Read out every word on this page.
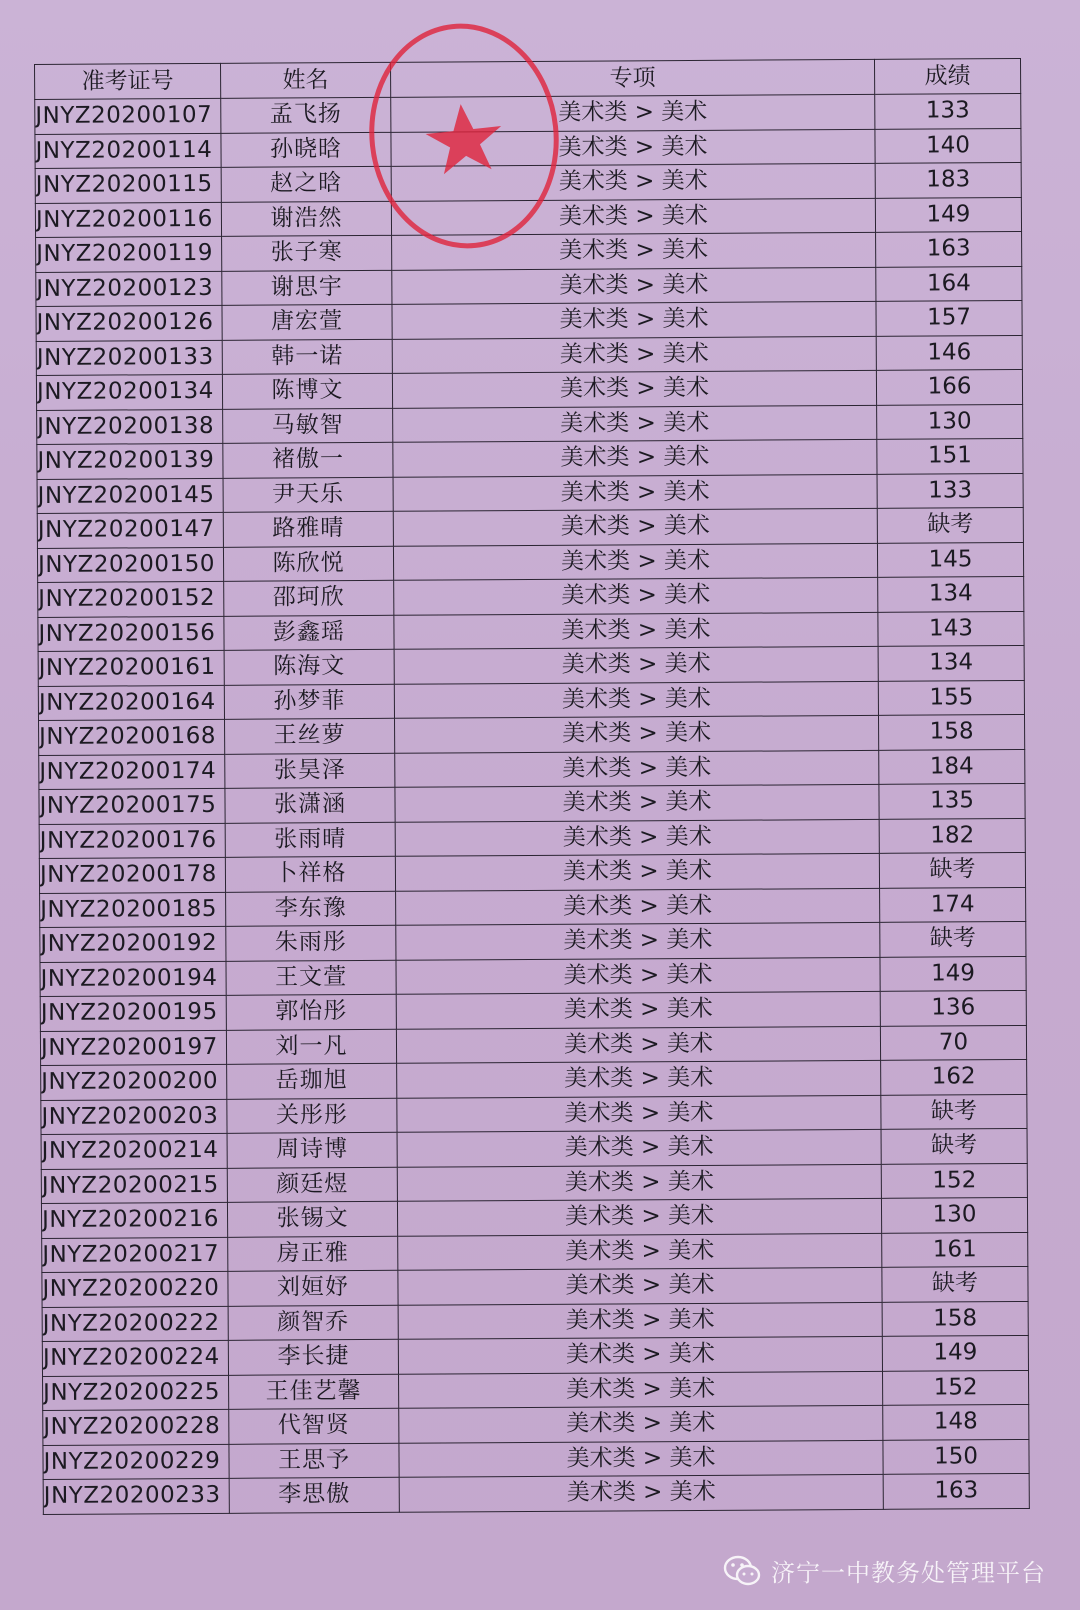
准考证号	姓名	专项	成绩
JNYZ20200107	孟飞扬	美术类 > 美术	133
JNYZ20200114	孙晓晗	美术类 > 美术	140
JNYZ20200115	赵之晗	美术类 > 美术	183
JNYZ20200116	谢浩然	美术类 > 美术	149
JNYZ20200119	张子寒	美术类 > 美术	163
JNYZ20200123	谢思宇	美术类 > 美术	164
JNYZ20200126	唐宏萱	美术类 > 美术	157
JNYZ20200133	韩一诺	美术类 > 美术	146
JNYZ20200134	陈博文	美术类 > 美术	166
JNYZ20200138	马敏智	美术类 > 美术	130
JNYZ20200139	褚傲一	美术类 > 美术	151
JNYZ20200145	尹天乐	美术类 > 美术	133
JNYZ20200147	路雅晴	美术类 > 美术	缺考
JNYZ20200150	陈欣悦	美术类 > 美术	145
JNYZ20200152	邵珂欣	美术类 > 美术	134
JNYZ20200156	彭鑫瑶	美术类 > 美术	143
JNYZ20200161	陈海文	美术类 > 美术	134
JNYZ20200164	孙梦菲	美术类 > 美术	155
JNYZ20200168	王丝萝	美术类 > 美术	158
JNYZ20200174	张昊泽	美术类 > 美术	184
JNYZ20200175	张潇涵	美术类 > 美术	135
JNYZ20200176	张雨晴	美术类 > 美术	182
JNYZ20200178	卜祥格	美术类 > 美术	缺考
JNYZ20200185	李东豫	美术类 > 美术	174
JNYZ20200192	朱雨彤	美术类 > 美术	缺考
JNYZ20200194	王文萱	美术类 > 美术	149
JNYZ20200195	郭怡彤	美术类 > 美术	136
JNYZ20200197	刘一凡	美术类 > 美术	70
JNYZ20200200	岳珈旭	美术类 > 美术	162
JNYZ20200203	关彤彤	美术类 > 美术	缺考
JNYZ20200214	周诗博	美术类 > 美术	缺考
JNYZ20200215	颜廷煜	美术类 > 美术	152
JNYZ20200216	张锡文	美术类 > 美术	130
JNYZ20200217	房正雅	美术类 > 美术	161
JNYZ20200220	刘姮妤	美术类 > 美术	缺考
JNYZ20200222	颜智乔	美术类 > 美术	158
JNYZ20200224	李长捷	美术类 > 美术	149
JNYZ20200225	王佳艺馨	美术类 > 美术	152
JNYZ20200228	代智贤	美术类 > 美术	148
JNYZ20200229	王思予	美术类 > 美术	150
JNYZ20200233	李思傲	美术类 > 美术	163
济宁一中教务处管理平台
